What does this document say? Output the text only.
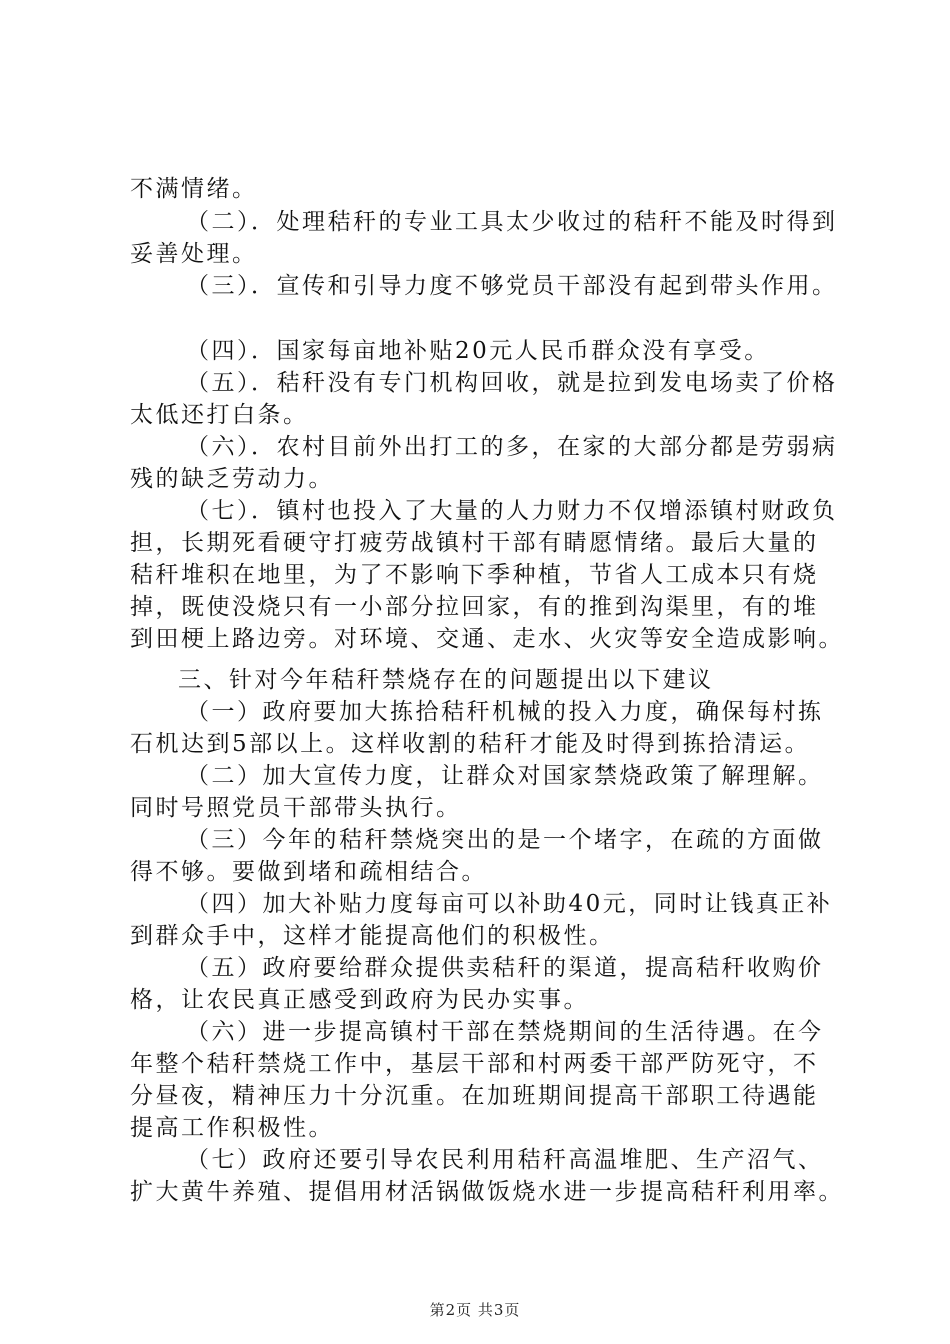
不满情绪。
（二）．处理秸秆的专业工具太少收过的秸秆不能及时得到
妥善处理。
（三）．宣传和引导力度不够党员干部没有起到带头作用。
（四）．国家每亩地补贴20元人民币群众没有享受。
（五）．秸秆没有专门机构回收，就是拉到发电场卖了价格
太低还打白条。
（六）．农村目前外出打工的多，在家的大部分都是劳弱病
残的缺乏劳动力。
（七）．镇村也投入了大量的人力财力不仅增添镇村财政负
担，长期死看硬守打疲劳战镇村干部有睛愿情绪。最后大量的
秸秆堆积在地里，为了不影响下季种植，节省人工成本只有烧
掉，既使没烧只有一小部分拉回家，有的推到沟渠里，有的堆
到田梗上路边旁。对环境、交通、走水、火灾等安全造成影响。
三、针对今年秸秆禁烧存在的问题提出以下建议
（一）政府要加大拣拾秸秆机械的投入力度，确保每村拣
石机达到5部以上。这样收割的秸秆才能及时得到拣拾清运。
（二）加大宣传力度，让群众对国家禁烧政策了解理解。
同时号照党员干部带头执行。
（三）今年的秸秆禁烧突出的是一个堵字，在疏的方面做
得不够。要做到堵和疏相结合。
（四）加大补贴力度每亩可以补助40元，同时让钱真正补
到群众手中，这样才能提高他们的积极性。
（五）政府要给群众提供卖秸秆的渠道，提高秸秆收购价
格，让农民真正感受到政府为民办实事。
（六）进一步提高镇村干部在禁烧期间的生活待遇。在今
年整个秸秆禁烧工作中，基层干部和村两委干部严防死守，不
分昼夜，精神压力十分沉重。在加班期间提高干部职工待遇能
提高工作积极性。
（七）政府还要引导农民利用秸秆高温堆肥、生产沼气、
扩大黄牛养殖、提倡用材活锅做饭烧水进一步提高秸秆利用率。
第2页 共3页
